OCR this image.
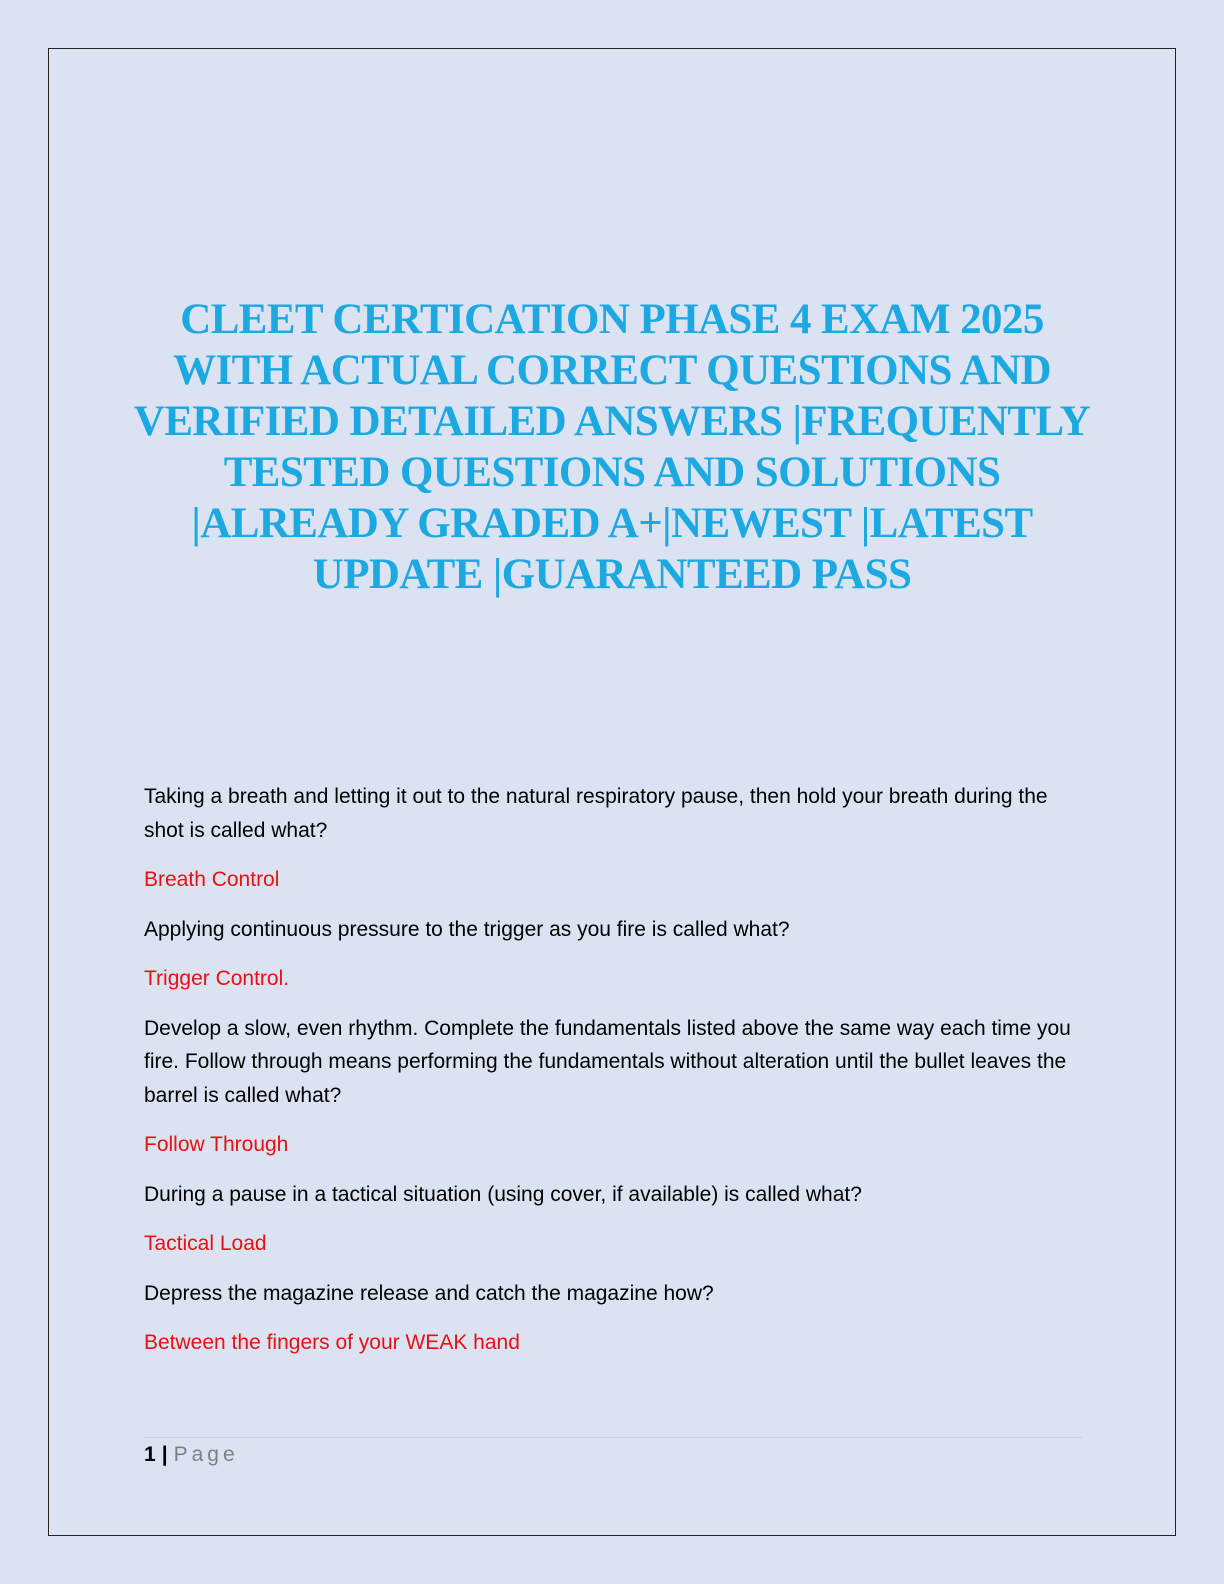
CLEET CERTICATION PHASE 4 EXAM 2025 WITH ACTUAL CORRECT QUESTIONS AND VERIFIED DETAILED ANSWERS |FREQUENTLY TESTED QUESTIONS AND SOLUTIONS |ALREADY GRADED A+|NEWEST |LATEST UPDATE |GUARANTEED PASS

Taking a breath and letting it out to the natural respiratory pause, then hold your breath during the shot is called what?

Breath Control

Applying continuous pressure to the trigger as you fire is called what?

Trigger Control.

Develop a slow, even rhythm. Complete the fundamentals listed above the same way each time you fire. Follow through means performing the fundamentals without alteration until the bullet leaves the barrel is called what?

Follow Through

During a pause in a tactical situation (using cover, if available) is called what?

Tactical Load

Depress the magazine release and catch the magazine how?

Between the fingers of your WEAK hand

1 | Page
